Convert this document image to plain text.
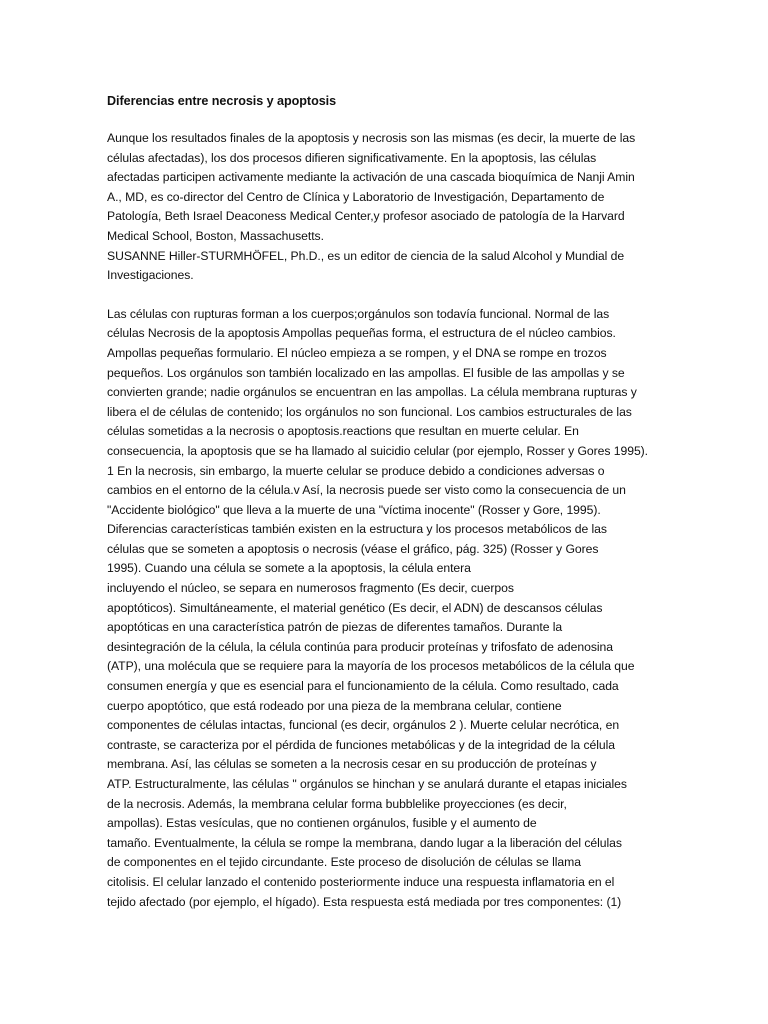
Diferencias entre necrosis y apoptosis
Aunque los resultados finales de la apoptosis y necrosis son las mismas (es decir, la muerte de las
células afectadas), los dos procesos difieren significativamente. En la apoptosis, las células
afectadas participen activamente mediante la activación de una cascada bioquímica de Nanji Amin
A., MD, es co-director del Centro de Clínica y Laboratorio de Investigación, Departamento de
Patología, Beth Israel Deaconess Medical Center,y profesor asociado de patología de la Harvard
Medical School, Boston, Massachusetts.
SUSANNE Hiller-STURMHÖFEL, Ph.D., es un editor de ciencia de la salud Alcohol y Mundial de
Investigaciones.
Las células con rupturas forman a los cuerpos;orgánulos son todavía funcional. Normal de las
células Necrosis de la apoptosis Ampollas pequeñas forma, el estructura de el núcleo cambios.
Ampollas pequeñas formulario. El núcleo empieza a se rompen, y el DNA se rompe en trozos
pequeños. Los orgánulos son también localizado en las ampollas. El fusible de las ampollas y se
convierten grande; nadie orgánulos se encuentran en las ampollas. La célula membrana rupturas y
libera el de células de contenido; los orgánulos no son funcional. Los cambios estructurales de las
células sometidas a la necrosis o apoptosis.reactions que resultan en muerte celular. En
consecuencia, la apoptosis que se ha llamado al suicidio celular (por ejemplo, Rosser y Gores 1995).
1 En la necrosis, sin embargo, la muerte celular se produce debido a condiciones adversas o
cambios en el entorno de la célula.v Así, la necrosis puede ser visto como la consecuencia de un
"Accidente biológico" que lleva a la muerte de una "víctima inocente" (Rosser y Gore, 1995).
Diferencias características también existen en la estructura y los procesos metabólicos de las
células que se someten a apoptosis o necrosis (véase el gráfico, pág. 325) (Rosser y Gores
1995). Cuando una célula se somete a la apoptosis, la célula entera
incluyendo el núcleo, se separa en numerosos fragmento (Es decir, cuerpos
apoptóticos). Simultáneamente, el material genético (Es decir, el ADN) de descansos células
apoptóticas en una característica patrón de piezas de diferentes tamaños. Durante la
desintegración de la célula, la célula continúa para producir proteínas y trifosfato de adenosina
(ATP), una molécula que se requiere para la mayoría de los procesos metabólicos de la célula que
consumen energía y que es esencial para el funcionamiento de la célula. Como resultado, cada
cuerpo apoptótico, que está rodeado por una pieza de la membrana celular, contiene
componentes de células intactas, funcional (es decir, orgánulos 2 ). Muerte celular necrótica, en
contraste, se caracteriza por el pérdida de funciones metabólicas y de la integridad de la célula
membrana. Así, las células se someten a la necrosis cesar en su producción de proteínas y
ATP. Estructuralmente, las células " orgánulos se hinchan y se anulará durante el etapas iniciales
de la necrosis. Además, la membrana celular forma bubblelike proyecciones (es decir,
ampollas). Estas vesículas, que no contienen orgánulos, fusible y el aumento de
tamaño. Eventualmente, la célula se rompe la membrana, dando lugar a la liberación del células
de componentes en el tejido circundante. Este proceso de disolución de células se llama
citolisis. El celular lanzado el contenido posteriormente induce una respuesta inflamatoria en el
tejido afectado (por ejemplo, el hígado). Esta respuesta está mediada por tres componentes: (1)
